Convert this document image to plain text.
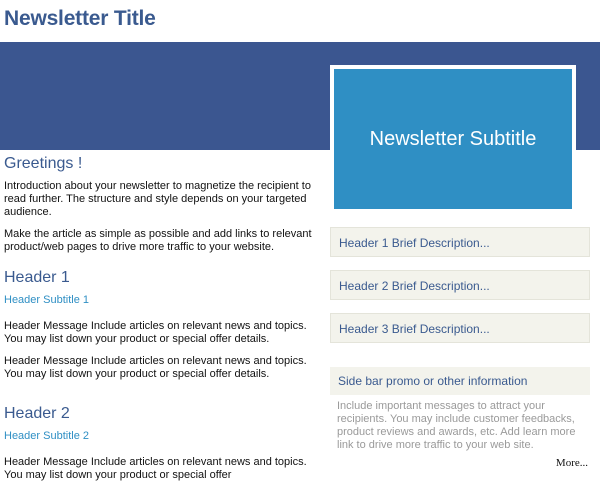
Newsletter Title
Newsletter Subtitle
Greetings !

Introduction about your newsletter to magnetize the recipient to read further. The structure and style depends on your targeted audience.

Make the article as simple as possible and add links to relevant product/web pages to drive more traffic to your website.

Header 1
Header Subtitle 1

Header Message Include articles on relevant news and topics. You may list down your product or special offer details.

Header Message Include articles on relevant news and topics. You may list down your product or special offer details.

Header 2
Header Subtitle 2

Header Message Include articles on relevant news and topics. You may list down your product or special offer

Header 1 Brief Description...
Header 2 Brief Description...
Header 3 Brief Description...
Side bar promo or other information
Include important messages to attract your recipients. You may include customer feedbacks, product reviews and awards, etc. Add learn more link to drive more traffic to your web site.
More...
